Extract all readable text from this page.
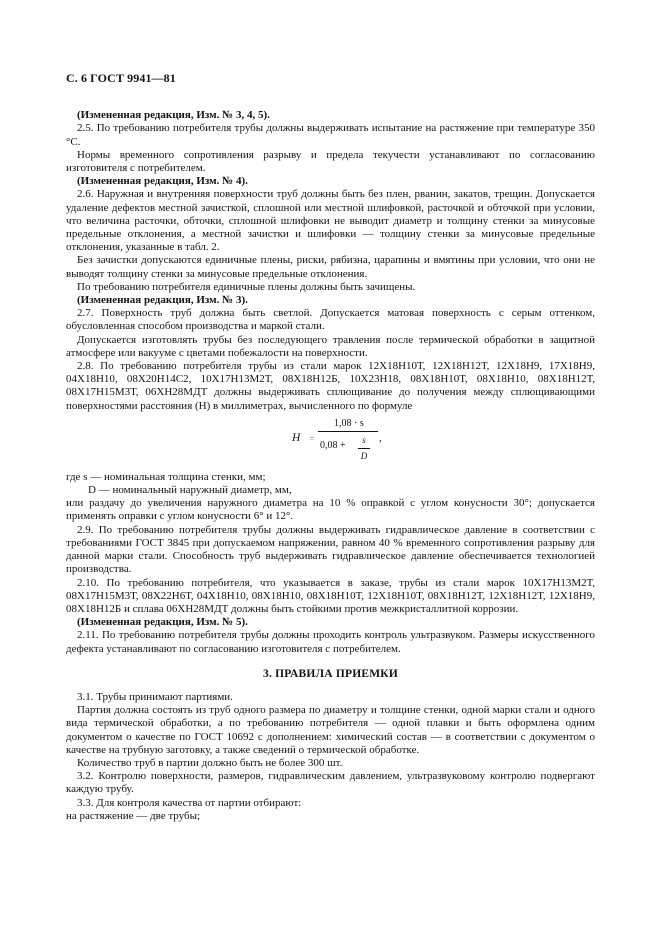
С. 6 ГОСТ 9941—81

(Измененная редакция, Изм. № 3, 4, 5).

2.5. По требованию потребителя трубы должны выдерживать испытание на растяжение при температуре 350 °С.

Нормы временного сопротивления разрыву и предела текучести устанавливают по согласованию изготовителя с потребителем.

(Измененная редакция, Изм. № 4).

2.6. Наружная и внутренняя поверхности труб должны быть без плен, рванин, закатов, трещин. Допускается удаление дефектов местной зачисткой, сплошной или местной шлифовкой, расточкой и обточкой при условии, что величина расточки, обточки, сплошной шлифовки не выводит диаметр и толщину стенки за минусовые предельные отклонения, а местной зачистки и шлифовки — толщину стенки за минусовые предельные отклонения, указанные в табл. 2.

Без зачистки допускаются единичные плены, риски, рябизна, царапины и вмятины при условии, что они не выводят толщину стенки за минусовые предельные отклонения.

По требованию потребителя единичные плены должны быть зачищены.

(Измененная редакция, Изм. № 3).

2.7. Поверхность труб должна быть светлой. Допускается матовая поверхность с серым оттенком, обусловленная способом производства и маркой стали.

Допускается изготовлять трубы без последующего травления после термической обработки в защитной атмосфере или вакууме с цветами побежалости на поверхности.

2.8. По требованию потребителя трубы из стали марок 12Х18Н10Т, 12Х18Н12Т, 12Х18Н9, 17Х18Н9, 04Х18Н10, 08Х20Н14С2, 10Х17Н13М2Т, 08Х18Н12Б, 10Х23Н18, 08Х18Н10Т, 08Х18Н10, 08Х18Н12Т, 08Х17Н15М3Т, 06ХН28МДТ должны выдерживать сплющивание до получения между сплющивающими поверхностями расстояния (H) в миллиметрах, вычисленного по формуле

H =
1,08 · s
0,08 +	s
D
,

где s — номинальная толщина стенки, мм;

D — номинальный наружный диаметр, мм,

или раздачу до увеличения наружного диаметра на 10 % оправкой с углом конусности 30°; допускается применять оправки с углом конусности 6° и 12°.

2.9. По требованию потребителя трубы должны выдерживать гидравлическое давление в соответствии с требованиями ГОСТ 3845 при допускаемом напряжении, равном 40 % временного сопротивления разрыву для данной марки стали. Способность труб выдерживать гидравлическое давление обеспечивается технологией производства.

2.10. По требованию потребителя, что указывается в заказе, трубы из стали марок 10Х17Н13М2Т, 08Х17Н15М3Т, 08Х22Н6Т, 04Х18Н10, 08Х18Н10, 08Х18Н10Т, 12Х18Н10Т, 08Х18Н12Т, 12Х18Н12Т, 12Х18Н9, 08Х18Н12Б и сплава 06ХН28МДТ должны быть стойкими против межкристаллитной коррозии.

(Измененная редакция, Изм. № 5).

2.11. По требованию потребителя трубы должны проходить контроль ультразвуком. Размеры искусственного дефекта устанавливают по согласованию изготовителя с потребителем.

3. ПРАВИЛА ПРИЕМКИ

3.1. Трубы принимают партиями.

Партия должна состоять из труб одного размера по диаметру и толщине стенки, одной марки стали и одного вида термической обработки, а по требованию потребителя — одной плавки и быть оформлена одним документом о качестве по ГОСТ 10692 с дополнением: химический состав — в соответствии с документом о качестве на трубную заготовку, а также сведений о термической обработке.

Количество труб в партии должно быть не более 300 шт.

3.2. Контролю поверхности, размеров, гидравлическим давлением, ультразвуковому контролю подвергают каждую трубу.

3.3. Для контроля качества от партии отбирают:

на растяжение — две трубы;
